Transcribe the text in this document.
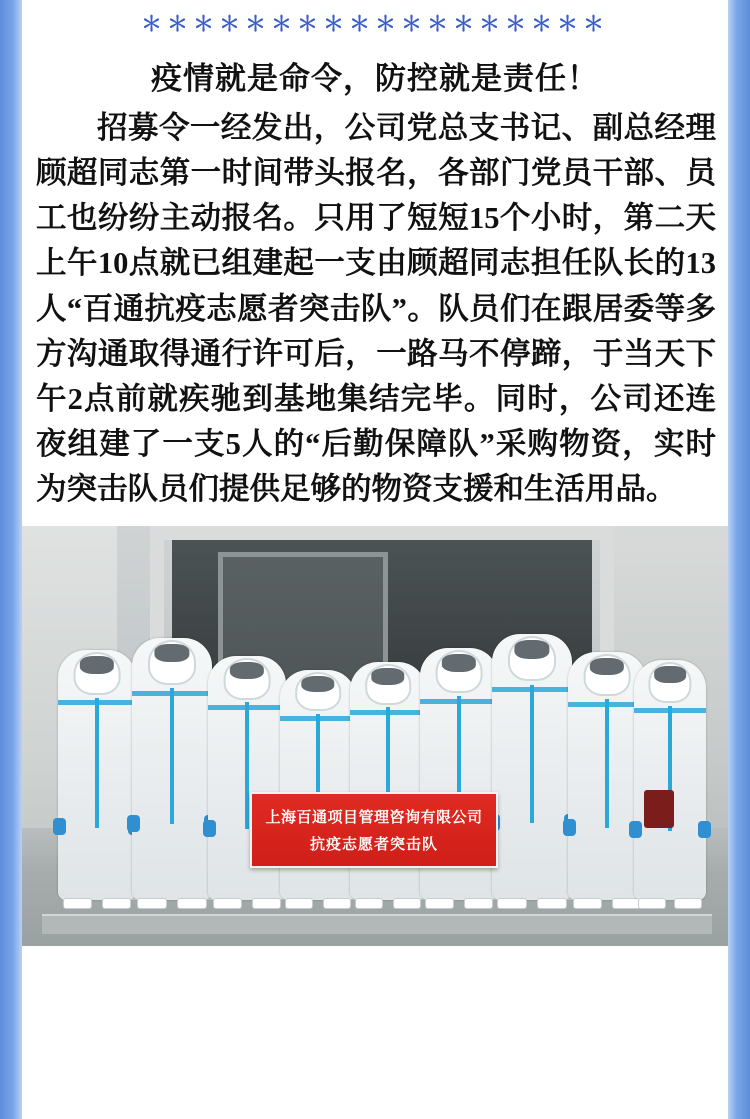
＊＊＊＊＊＊＊＊＊＊＊＊＊＊＊＊＊＊
疫情就是命令，防控就是责任！
招募令一经发出，公司党总支书记、副总经理顾超同志第一时间带头报名，各部门党员干部、员工也纷纷主动报名。只用了短短15个小时，第二天上午10点就已组建起一支由顾超同志担任队长的13人“百通抗疫志愿者突击队”。队员们在跟居委等多方沟通取得通行许可后，一路马不停蹄，于当天下午2点前就疾驰到基地集结完毕。同时，公司还连夜组建了一支5人的“后勤保障队”采购物资，实时为突击队员们提供足够的物资支援和生活用品。
上海百通项目管理咨询有限公司
抗疫志愿者突击队
